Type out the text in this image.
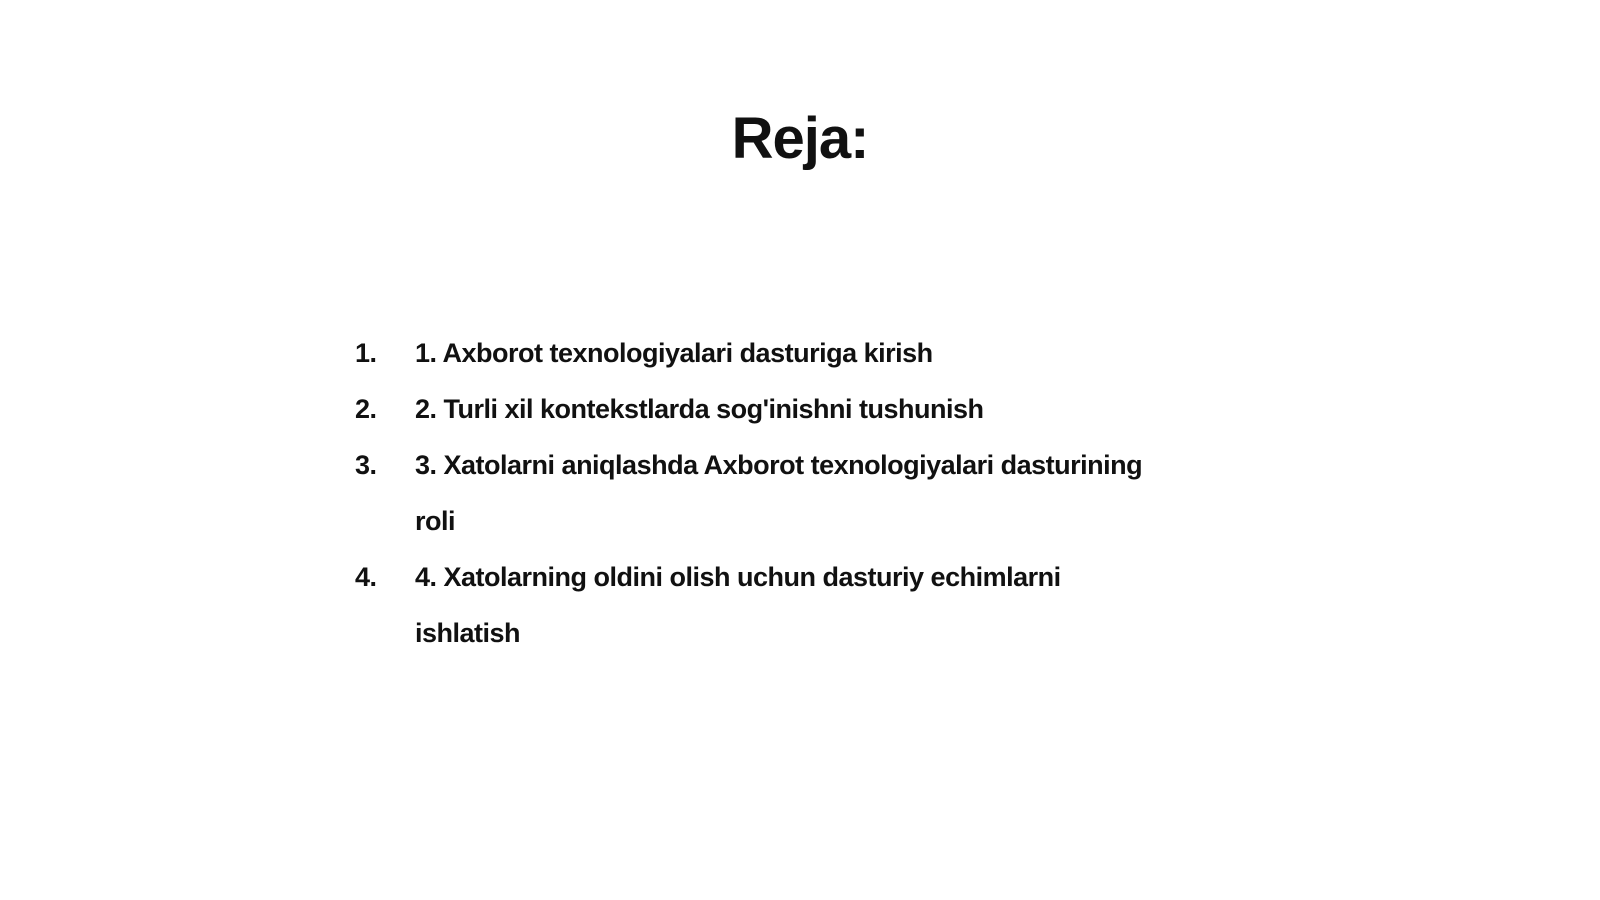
Reja:
1.	1. Axborot texnologiyalari dasturiga kirish
2.	2. Turli xil kontekstlarda sog'inishni tushunish
3.	3. Xatolarni aniqlashda Axborot texnologiyalari dasturining roli
4.	4. Xatolarning oldini olish uchun dasturiy echimlarni ishlatish
